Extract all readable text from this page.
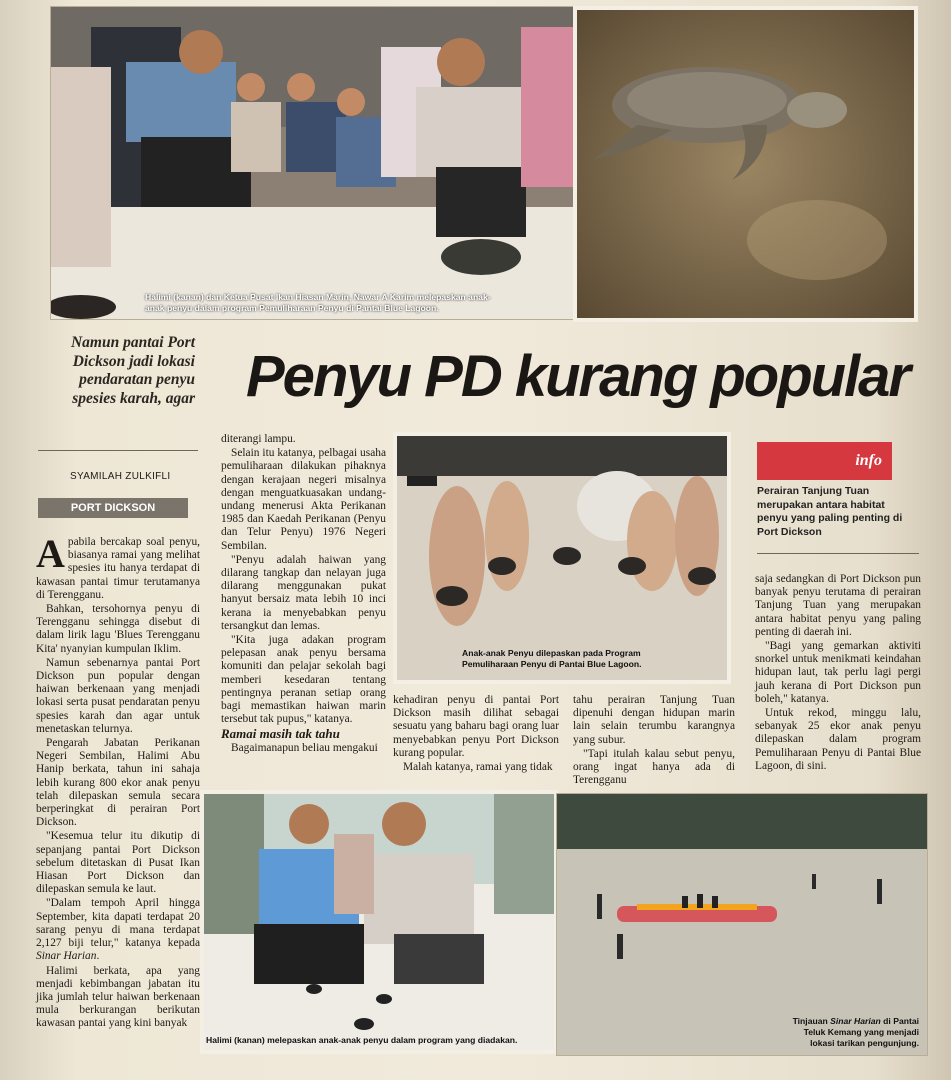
Halimi (kanan) dan Ketua Pusat Ikan Hiasan Marin, Nawar A Karim melepaskan anak-anak penyu dalam program Pemuliharaan Penyu di Pantai Blue Lagoon.
Namun pantai Port Dickson jadi lokasi pendaratan penyu spesies karah, agar Penyu PD kurang popular
SYAMILAH ZULKIFLI
PORT DICKSON

Apabila bercakap soal penyu, biasanya ramai yang melihat spesies itu hanya terdapat di kawasan pantai timur terutamanya di Terengganu.

Bahkan, tersohornya penyu di Terengganu sehingga disebut di dalam lirik lagu 'Blues Terengganu Kita' nyanyian kumpulan Iklim.

Namun sebenarnya pantai Port Dickson pun popular dengan haiwan berkenaan yang menjadi lokasi serta pusat pendaratan penyu spesies karah dan agar untuk menetaskan telurnya.

Pengarah Jabatan Perikanan Negeri Sembilan, Halimi Abu Hanip berkata, tahun ini sahaja lebih kurang 800 ekor anak penyu telah dilepaskan semula secara berperingkat di perairan Port Dickson.

"Kesemua telur itu dikutip di sepanjang pantai Port Dickson sebelum ditetaskan di Pusat Ikan Hiasan Port Dickson dan dilepaskan semula ke laut.

"Dalam tempoh April hingga September, kita dapati terdapat 20 sarang penyu di mana terdapat 2,127 biji telur," katanya kepada Sinar Harian.

Halimi berkata, apa yang menjadi kebimbangan jabatan itu jika jumlah telur haiwan berkenaan mula berkurangan berikutan kawasan pantai yang kini banyak

diterangi lampu.

Selain itu katanya, pelbagai usaha pemuliharaan dilakukan pihaknya dengan kerajaan negeri misalnya dengan menguatkuasakan undang-undang menerusi Akta Perikanan 1985 dan Kaedah Perikanan (Penyu dan Telur Penyu) 1976 Negeri Sembilan.

"Penyu adalah haiwan yang dilarang tangkap dan nelayan juga dilarang menggunakan pukat hanyut bersaiz mata lebih 10 inci kerana ia menyebabkan penyu tersangkut dan lemas.

"Kita juga adakan program pelepasan anak penyu bersama komuniti dan pelajar sekolah bagi memberi kesedaran tentang pentingnya peranan setiap orang bagi memastikan haiwan marin tersebut tak pupus," katanya.

Ramai masih tak tahu

Bagaimanapun beliau mengakui

Anak-anak Penyu dilepaskan pada Program Pemuliharaan Penyu di Pantai Blue Lagoon.

kehadiran penyu di pantai Port Dickson masih dilihat sebagai sesuatu yang baharu bagi orang luar menyebabkan penyu Port Dickson kurang popular.

Malah katanya, ramai yang tidak

tahu perairan Tanjung Tuan dipenuhi dengan hidupan marin lain selain terumbu karangnya yang subur.

"Tapi itulah kalau sebut penyu, orang ingat hanya ada di Terengganu

info
Perairan Tanjung Tuan merupakan antara habitat penyu yang paling penting di Port Dickson

saja sedangkan di Port Dickson pun banyak penyu terutama di perairan Tanjung Tuan yang merupakan antara habitat penyu yang paling penting di daerah ini.

"Bagi yang gemarkan aktiviti snorkel untuk menikmati keindahan hidupan laut, tak perlu lagi pergi jauh kerana di Port Dickson pun boleh," katanya.

Untuk rekod, minggu lalu, sebanyak 25 ekor anak penyu dilepaskan dalam program Pemuliharaan Penyu di Pantai Blue Lagoon, di sini.

Halimi (kanan) melepaskan anak-anak penyu dalam program yang diadakan.
Tinjauan Sinar Harian di Pantai Teluk Kemang yang menjadi lokasi tarikan pengunjung.
